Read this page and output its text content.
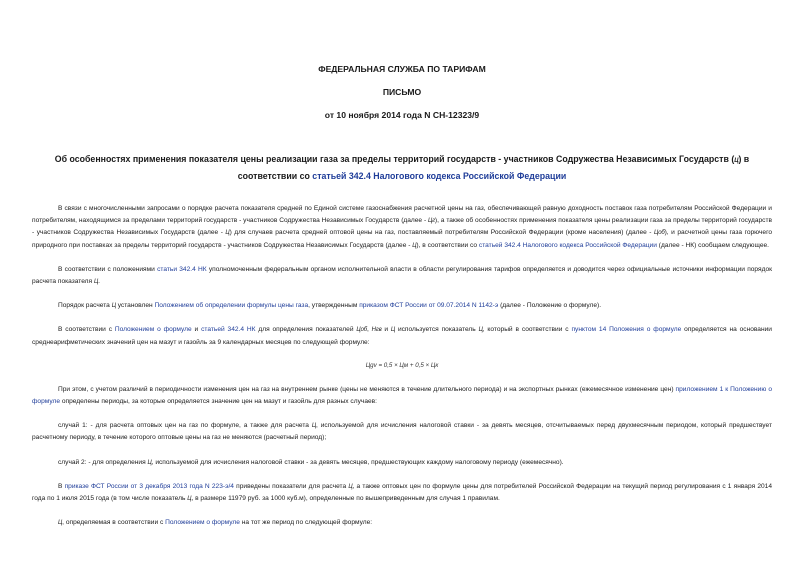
ФЕДЕРАЛЬНАЯ СЛУЖБА ПО ТАРИФАМ
ПИСЬМО
от 10 ноября 2014 года N СН-12323/9
Об особенностях применения показателя цены реализации газа за пределы территорий государств - участников Содружества Независимых Государств (Ц) в соответствии со статьей 342.4 Налогового кодекса Российской Федерации

В связи с многочисленными запросами о порядке расчета показателя средней по Единой системе газоснабжения расчетной цены на газ, обеспечивающей равную доходность поставок газа потребителям Российской Федерации и потребителям, находящимся за пределами территорий государств - участников Содружества Независимых Государств (далее - Цг), а также об особенностях применения показателя цены реализации газа за пределы территорий государств - участников Содружества Независимых Государств (далее - Ц) для случаев расчета средней оптовой цены на газ, поставляемый потребителям Российской Федерации (кроме населения) (далее - Цоб), и расчетной цены газа горючего природного при поставках за пределы территорий государств - участников Содружества Независимых Государств (далее - Ц), в соответствии со статьей 342.4 Налогового кодекса Российской Федерации (далее - НК) сообщаем следующее.

В соответствии с положениями статьи 342.4 НК уполномоченным федеральным органом исполнительной власти в области регулирования тарифов определяется и доводится через официальные источники информации порядок расчета показателя Ц.

Порядок расчета Ц установлен Положением об определении формулы цены газа, утвержденным приказом ФСТ России от 09.07.2014 N 1142-э (далее - Положение о формуле).

В соответствии с Положением о формуле и статьей 342.4 НК для определения показателей Цоб, Нгв и Ц используется показатель Ц, который в соответствии с пунктом 14 Положения о формуле определяется на основании среднеарифметических значений цен на мазут и газойль за 9 календарных месяцев по следующей формуле:

Цgv = 0,5 × Цм + 0,5 × Цк

При этом, с учетом различий в периодичности изменения цен на газ на внутреннем рынке (цены не меняются в течение длительного периода) и на экспортных рынках (ежемесячное изменение цен) приложением 1 к Положению о формуле определены периоды, за которые определяется значение цен на мазут и газойль для разных случаев:

случай 1: - для расчета оптовых цен на газ по формуле, а также для расчета Ц, используемой для исчисления налоговой ставки - за девять месяцев, отсчитываемых перед двухмесячным периодом, который предшествует расчетному периоду, в течение которого оптовые цены на газ не меняются (расчетный период);

случай 2: - для определения Ц, используемой для исчисления налоговой ставки - за девять месяцев, предшествующих каждому налоговому периоду (ежемесячно).

В приказе ФСТ России от 3 декабря 2013 года N 223-э/4 приведены показатели для расчета Ц, а также оптовых цен по формуле цены для потребителей Российской Федерации на текущий период регулирования с 1 января 2014 года по 1 июля 2015 года (в том числе показатель Ц, в размере 11979 руб. за 1000 куб.м), определенные по вышеприведенным для случая 1 правилам.

Ц, определяемая в соответствии с Положением о формуле на тот же период по следующей формуле:
